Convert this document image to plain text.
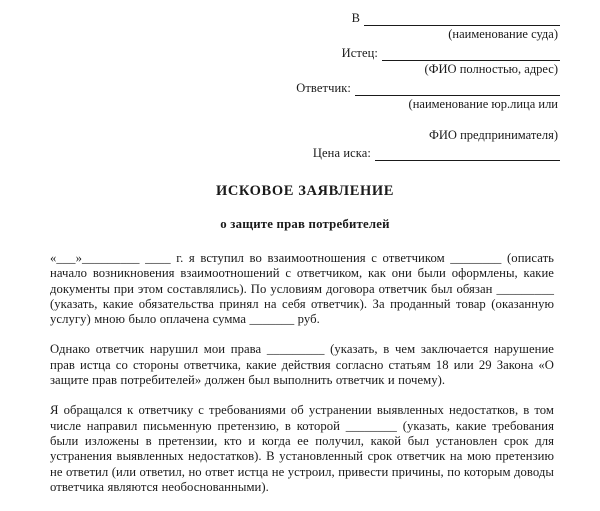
В
(наименование суда)
Истец:
(ФИО полностью, адрес)
Ответчик:
(наименование юр.лица или
ФИО предпринимателя)
Цена иска:
ИСКОВОЕ ЗАЯВЛЕНИЕ
о защите прав потребителей

«___»_________ ____ г. я вступил во взаимоотношения с ответчиком ________ (описать начало возникновения взаимоотношений с ответчиком, как они были оформлены, какие документы при этом составлялись). По условиям договора ответчик был обязан _________ (указать, какие обязательства принял на себя ответчик). За проданный товар (оказанную услугу) мною было оплачена сумма _______ руб.

Однако ответчик нарушил мои права _________ (указать, в чем заключается нарушение прав истца со стороны ответчика, какие действия согласно статьям 18 или 29 Закона «О защите прав потребителей» должен был выполнить ответчик и почему).

Я обращался к ответчику с требованиями об устранении выявленных недостатков, в том числе направил письменную претензию, в которой ________ (указать, какие требования были изложены в претензии, кто и когда ее получил, какой был установлен срок для устранения выявленных недостатков). В установленный срок ответчик на мою претензию не ответил (или ответил, но ответ истца не устроил, привести причины, по которым доводы ответчика являются необоснованными).
